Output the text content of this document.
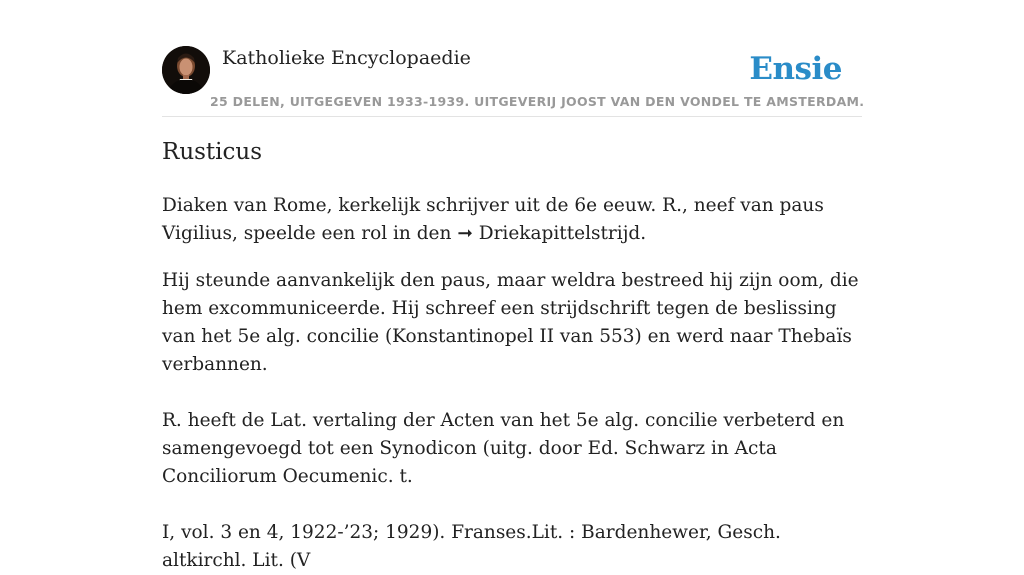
Katholieke Encyclopaedie	Ensie
25 DELEN, UITGEGEVEN 1933-1939. UITGEVERIJ JOOST VAN DEN VONDEL TE AMSTERDAM.
Rusticus

Diaken van Rome, kerkelijk schrijver uit de 6e eeuw. R., neef van paus Vigilius, speelde een rol in den ➞ Driekapittelstrijd.

Hij steunde aanvankelijk den paus, maar weldra bestreed hij zijn oom, die hem excommuniceerde. Hij schreef een strijdschrift tegen de beslissing van het 5e alg. concilie (Konstantinopel II van 553) en werd naar Thebaïs verbannen.

R. heeft de Lat. vertaling der Acten van het 5e alg. concilie verbeterd en samengevoegd tot een Synodicon (uitg. door Ed. Schwarz in Acta Conciliorum Oecumenic. t.

I, vol. 3 en 4, 1922-’23; 1929). Franses.Lit. : Bardenhewer, Gesch. altkirchl. Lit. (V
